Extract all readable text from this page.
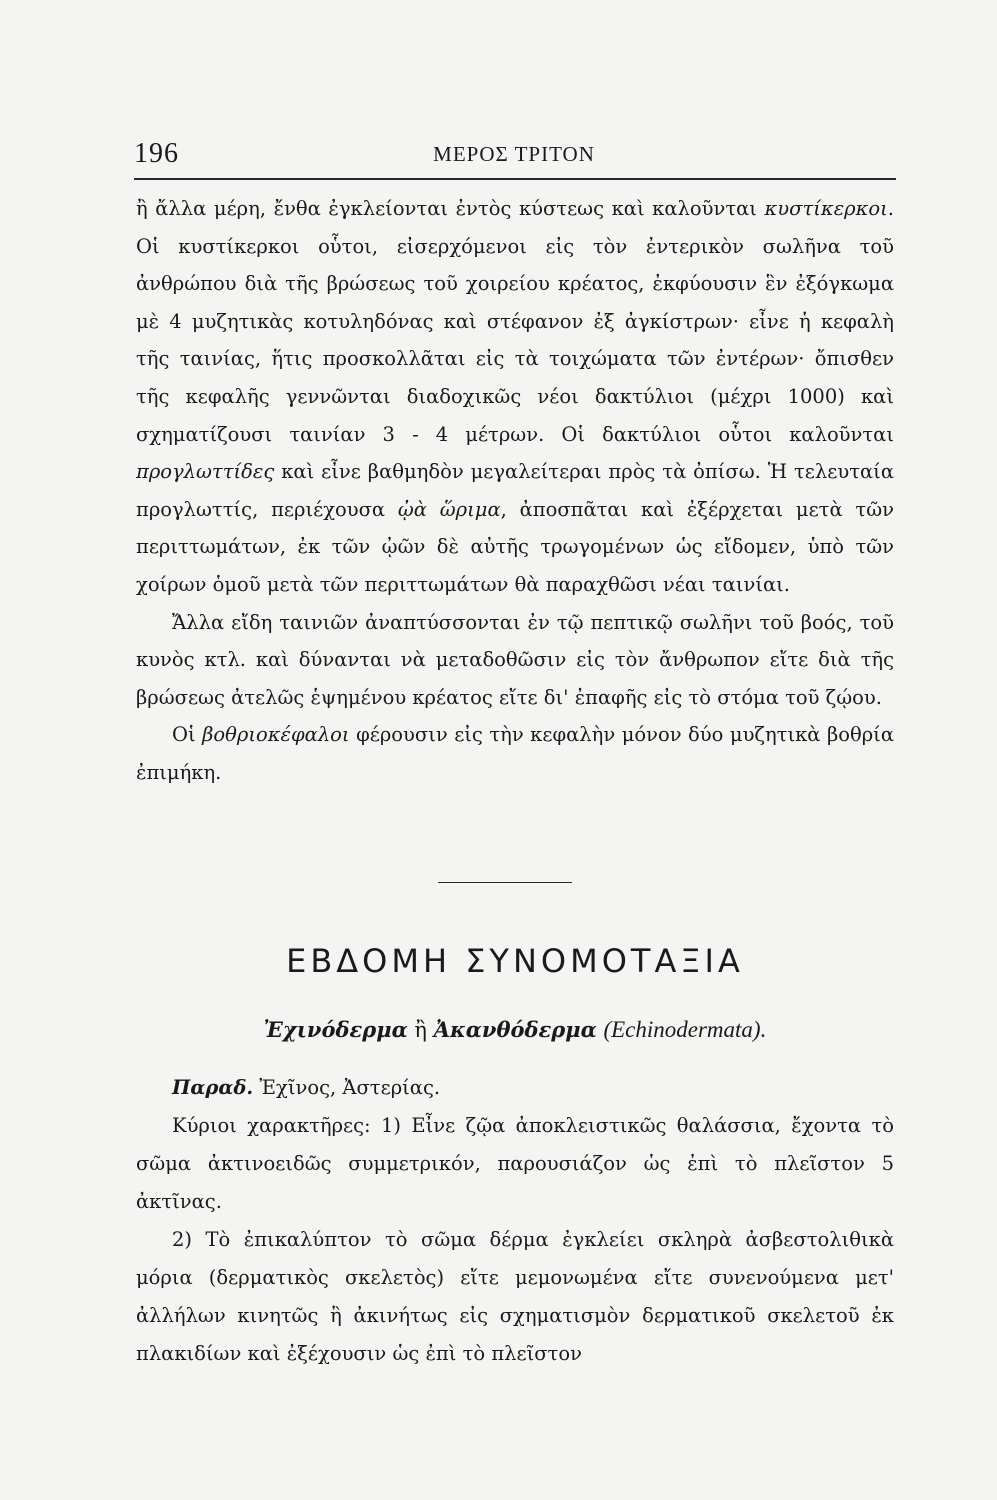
196	ΜΕΡΟΣ ΤΡΙΤΟΝ

ἢ ἄλλα μέρη, ἔνθα ἐγκλείονται ἐντὸς κύστεως καὶ καλοῦνται κυστίκερκοι. Οἱ κυστίκερκοι οὗτοι, εἰσερχόμενοι εἰς τὸν ἐντερικὸν σωλῆνα τοῦ ἀνθρώπου διὰ τῆς βρώσεως τοῦ χοιρείου κρέατος, ἐκφύουσιν ἓν ἐξόγκωμα μὲ 4 μυζητικὰς κοτυληδόνας καὶ στέφανον ἐξ ἀγκίστρων· εἶνε ἡ κεφαλὴ τῆς ταινίας, ἥτις προσκολλᾶται εἰς τὰ τοιχώματα τῶν ἐντέρων· ὄπισθεν τῆς κεφαλῆς γεννῶνται διαδοχικῶς νέοι δακτύλιοι (μέχρι 1000) καὶ σχηματίζουσι ταινίαν 3 - 4 μέτρων. Οἱ δακτύλιοι οὗτοι καλοῦνται προγλωττίδες καὶ εἶνε βαθμηδὸν μεγαλείτεραι πρὸς τὰ ὀπίσω. Ἡ τελευταία προγλωττίς, περιέχουσα ᾠὰ ὥριμα, ἀποσπᾶται καὶ ἐξέρχεται μετὰ τῶν περιττωμάτων, ἐκ τῶν ᾠῶν δὲ αὐτῆς τρωγομένων ὡς εἴδομεν, ὑπὸ τῶν χοίρων ὁμοῦ μετὰ τῶν περιττωμάτων θὰ παραχθῶσι νέαι ταινίαι.

Ἄλλα εἴδη ταινιῶν ἀναπτύσσονται ἐν τῷ πεπτικῷ σωλῆνι τοῦ βοός, τοῦ κυνὸς κτλ. καὶ δύνανται νὰ μεταδοθῶσιν εἰς τὸν ἄνθρωπον εἴτε διὰ τῆς βρώσεως ἀτελῶς ἑψημένου κρέατος εἴτε δι' ἐπαφῆς εἰς τὸ στόμα τοῦ ζῴου.

Οἱ βοθριοκέφαλοι φέρουσιν εἰς τὴν κεφαλὴν μόνον δύο μυζητικὰ βοθρία ἐπιμήκη.

ΕΒΔΟΜΗ ΣΥΝΟΜΟΤΑΞΙΑ
Ἐχινόδερμα ἢ Ἀκανθόδερμα (Echinodermata).

Παραδ. Ἐχῖνος, Ἀστερίας.

Κύριοι χαρακτῆρες: 1) Εἶνε ζῷα ἀποκλειστικῶς θαλάσσια, ἔχοντα τὸ σῶμα ἀκτινοειδῶς συμμετρικόν, παρουσιάζον ὡς ἐπὶ τὸ πλεῖστον 5 ἀκτῖνας.

2) Τὸ ἐπικαλύπτον τὸ σῶμα δέρμα ἐγκλείει σκληρὰ ἀσβεστολιθικὰ μόρια (δερματικὸς σκελετὸς) εἴτε μεμονωμένα εἴτε συνενούμενα μετ' ἀλλήλων κινητῶς ἢ ἀκινήτως εἰς σχηματισμὸν δερματικοῦ σκελετοῦ ἐκ πλακιδίων καὶ ἐξέχουσιν ὡς ἐπὶ τὸ πλεῖστον
